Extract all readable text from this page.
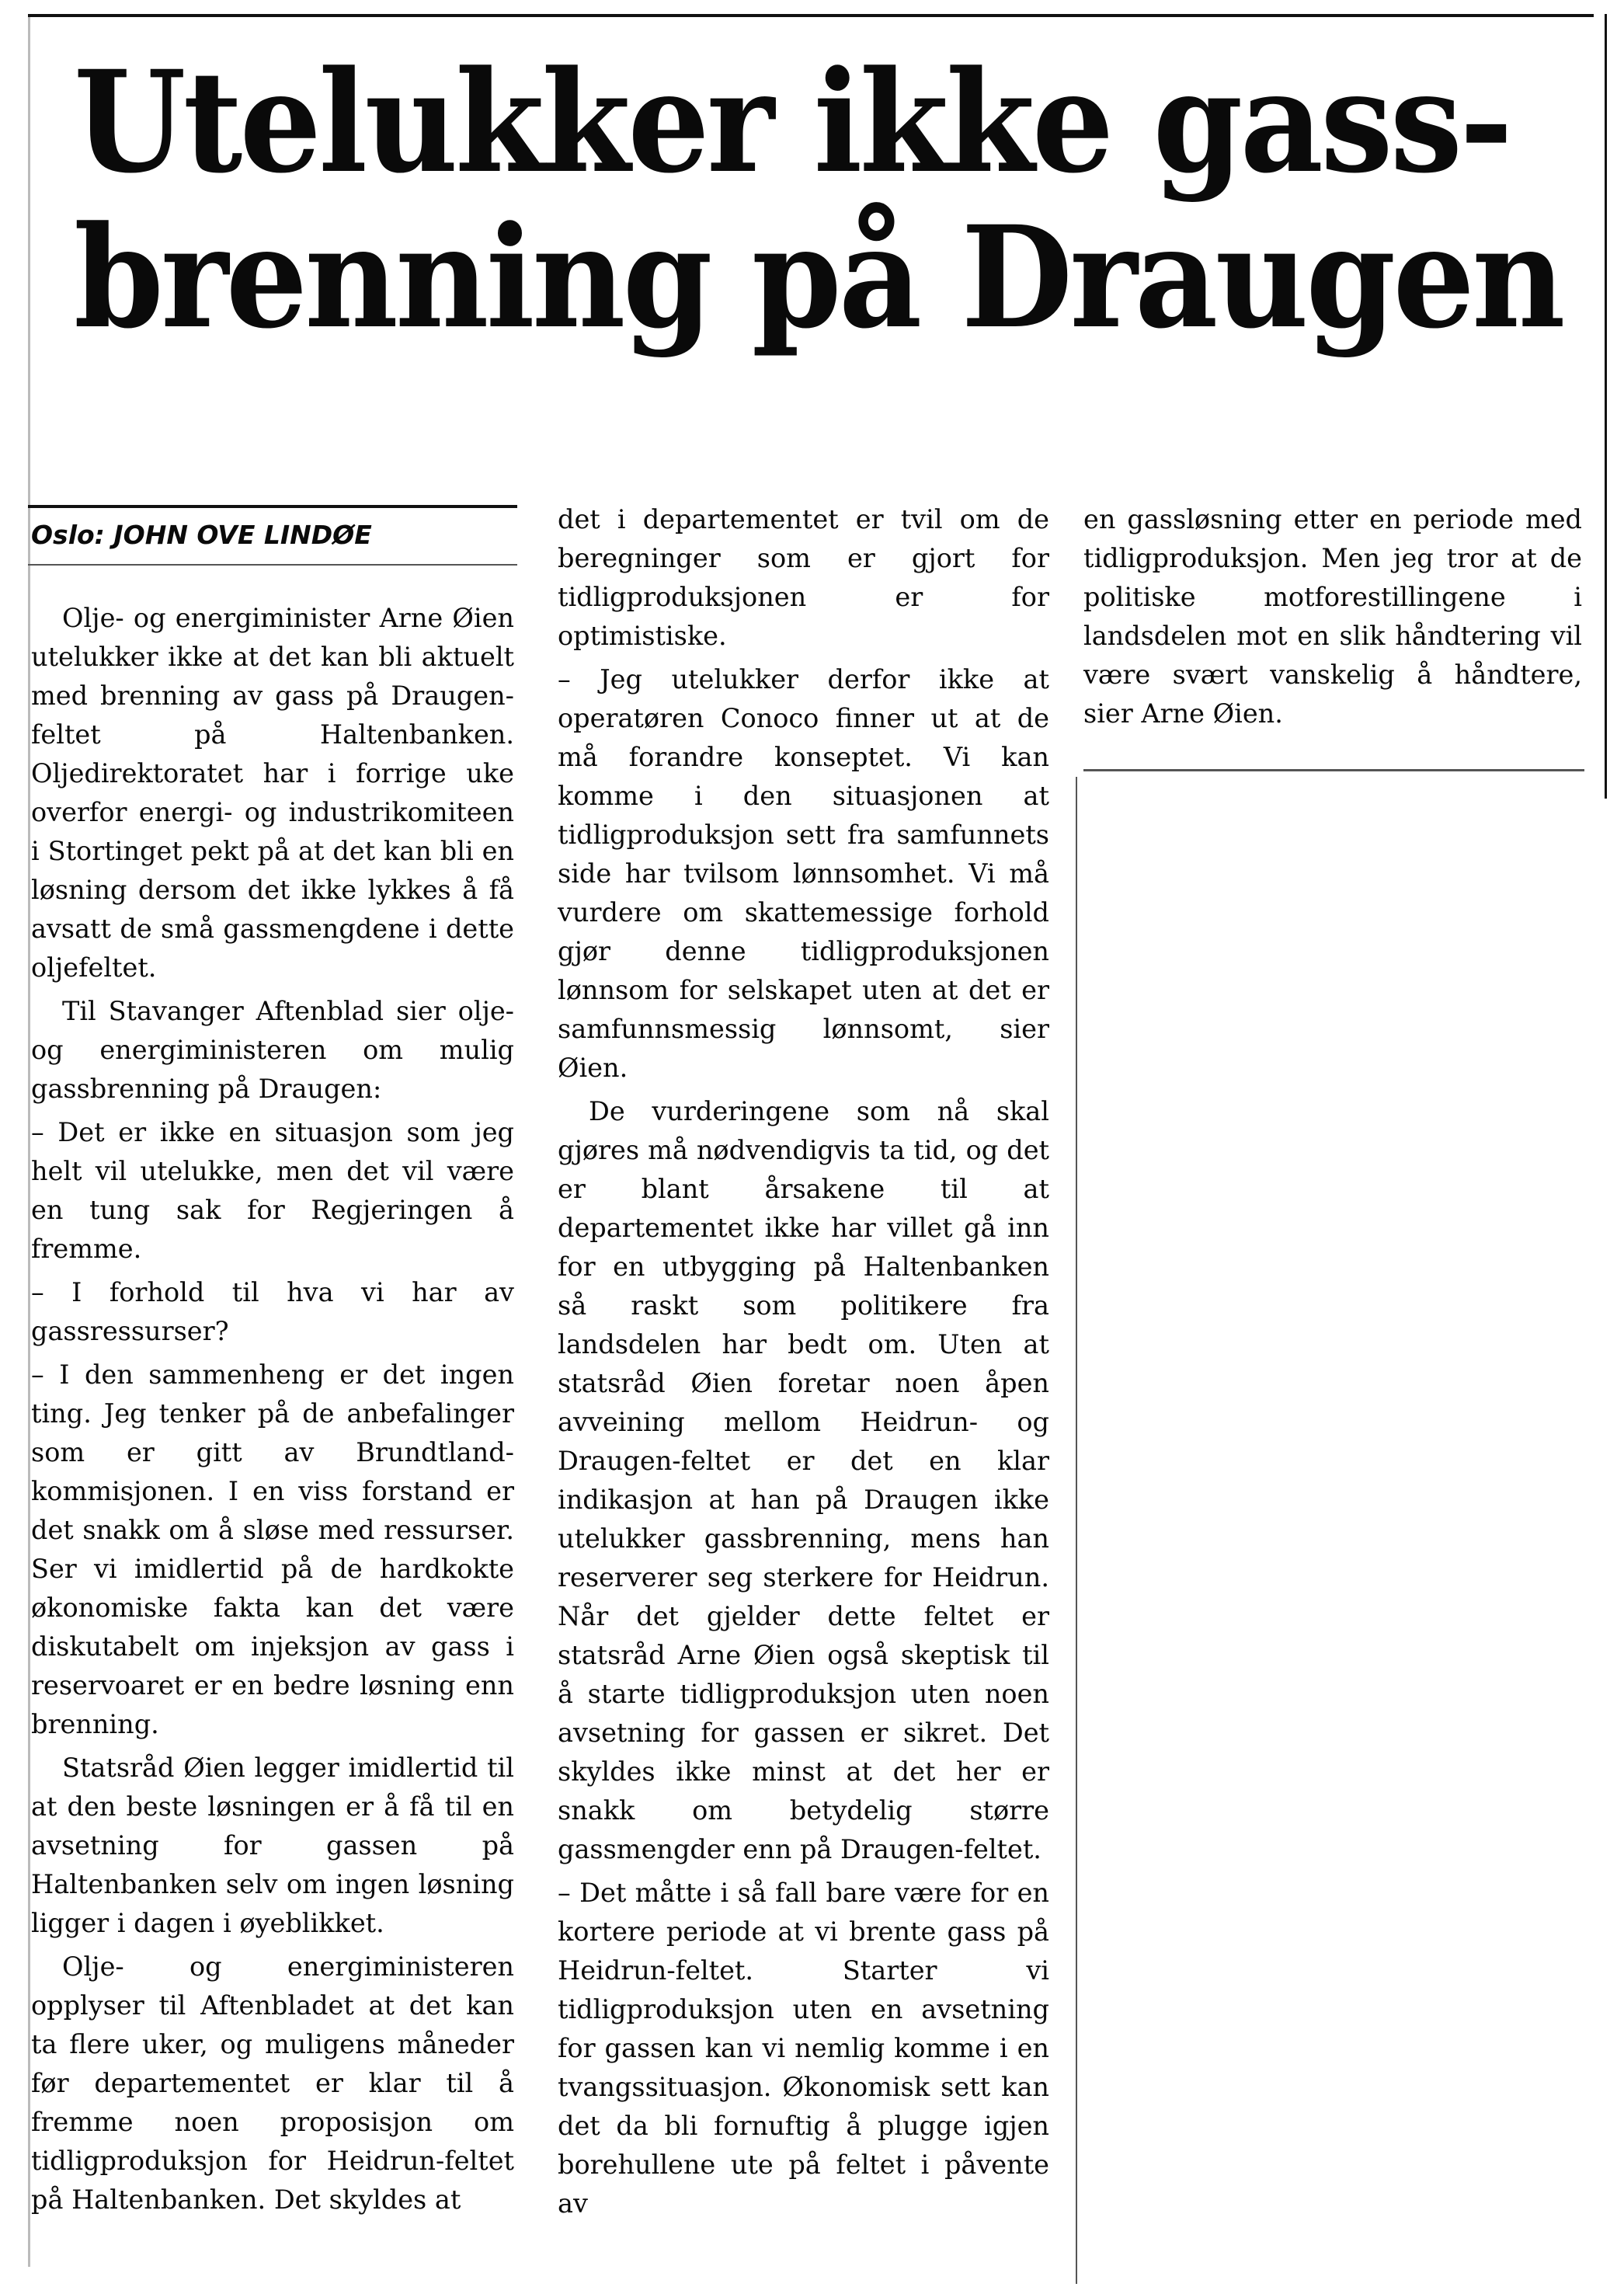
Utelukker ikke gass-
brenning på Draugen
Oslo: JOHN OVE LINDØE

Olje- og energiminister Arne Øien utelukker ikke at det kan bli aktuelt med brenning av gass på Draugen-feltet på Haltenbanken. Oljedirektoratet har i forrige uke overfor energi- og industrikomiteen i Stortinget pekt på at det kan bli en løsning dersom det ikke lykkes å få avsatt de små gassmengdene i dette oljefeltet.

Til Stavanger Aftenblad sier olje- og energiministeren om mulig gassbrenning på Draugen:

– Det er ikke en situasjon som jeg helt vil utelukke, men det vil være en tung sak for Regjeringen å fremme.

– I forhold til hva vi har av gassressurser?

– I den sammenheng er det ingen ting. Jeg tenker på de anbefalinger som er gitt av Brundtland-kommisjonen. I en viss forstand er det snakk om å sløse med ressurser. Ser vi imidlertid på de hardkokte økonomiske fakta kan det være diskutabelt om injeksjon av gass i reservoaret er en bedre løsning enn brenning.

Statsråd Øien legger imidlertid til at den beste løsningen er å få til en avsetning for gassen på Haltenbanken selv om ingen løsning ligger i dagen i øyeblikket.

Olje- og energiministeren opplyser til Aftenbladet at det kan ta flere uker, og muligens måneder før departementet er klar til å fremme noen proposisjon om tidligproduksjon for Heidrun-feltet på Haltenbanken. Det skyldes at

det i departementet er tvil om de beregninger som er gjort for tidligproduksjonen er for optimistiske.

– Jeg utelukker derfor ikke at operatøren Conoco finner ut at de må forandre konseptet. Vi kan komme i den situasjonen at tidligproduksjon sett fra samfunnets side har tvilsom lønnsomhet. Vi må vurdere om skattemessige forhold gjør denne tidligproduksjonen lønnsom for selskapet uten at det er samfunnsmessig lønnsomt, sier Øien.

De vurderingene som nå skal gjøres må nødvendigvis ta tid, og det er blant årsakene til at departementet ikke har villet gå inn for en utbygging på Haltenbanken så raskt som politikere fra landsdelen har bedt om. Uten at statsråd Øien foretar noen åpen avveining mellom Heidrun- og Draugen-feltet er det en klar indikasjon at han på Draugen ikke utelukker gassbrenning, mens han reserverer seg sterkere for Heidrun. Når det gjelder dette feltet er statsråd Arne Øien også skeptisk til å starte tidligproduksjon uten noen avsetning for gassen er sikret. Det skyldes ikke minst at det her er snakk om betydelig større gassmengder enn på Draugen-feltet.

– Det måtte i så fall bare være for en kortere periode at vi brente gass på Heidrun-feltet. Starter vi tidligproduksjon uten en avsetning for gassen kan vi nemlig komme i en tvangssituasjon. Økonomisk sett kan det da bli fornuftig å plugge igjen borehullene ute på feltet i påvente av

en gassløsning etter en periode med tidligproduksjon. Men jeg tror at de politiske motforestillingene i landsdelen mot en slik håndtering vil være svært vanskelig å håndtere, sier Arne Øien.
